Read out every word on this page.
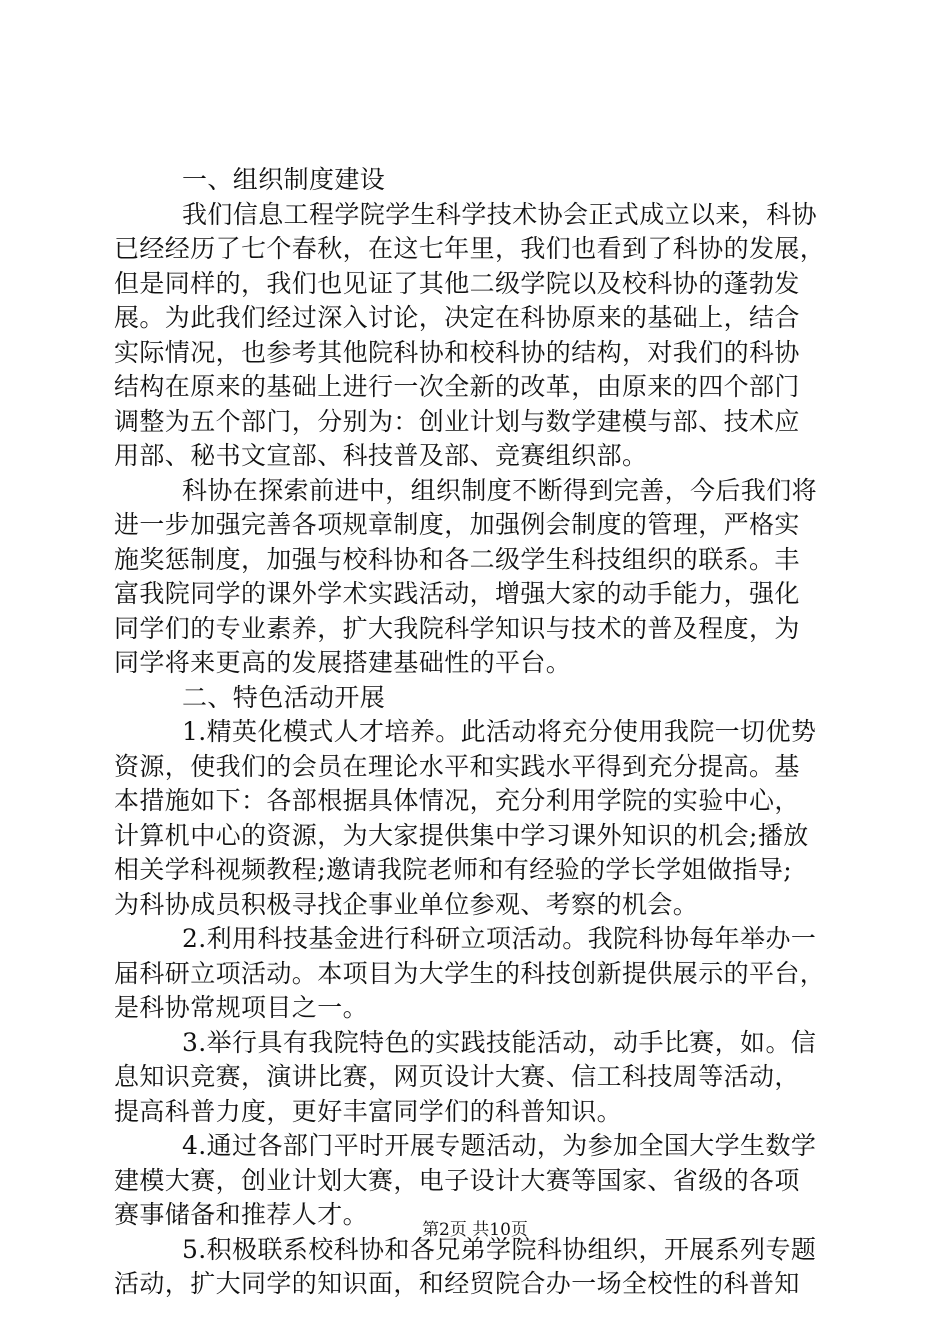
一、组织制度建设
我们信息工程学院学生科学技术协会正式成立以来，科协
已经经历了七个春秋，在这七年里，我们也看到了科协的发展，
但是同样的，我们也见证了其他二级学院以及校科协的蓬勃发
展。为此我们经过深入讨论，决定在科协原来的基础上，结合
实际情况，也参考其他院科协和校科协的结构，对我们的科协
结构在原来的基础上进行一次全新的改革，由原来的四个部门
调整为五个部门，分别为：创业计划与数学建模与部、技术应
用部、秘书文宣部、科技普及部、竞赛组织部。
科协在探索前进中，组织制度不断得到完善，今后我们将
进一步加强完善各项规章制度，加强例会制度的管理，严格实
施奖惩制度，加强与校科协和各二级学生科技组织的联系。丰
富我院同学的课外学术实践活动，增强大家的动手能力，强化
同学们的专业素养，扩大我院科学知识与技术的普及程度，为
同学将来更高的发展搭建基础性的平台。
二、特色活动开展
1.精英化模式人才培养。此活动将充分使用我院一切优势
资源，使我们的会员在理论水平和实践水平得到充分提高。基
本措施如下：各部根据具体情况，充分利用学院的实验中心，
计算机中心的资源，为大家提供集中学习课外知识的机会;播放
相关学科视频教程;邀请我院老师和有经验的学长学姐做指导;
为科协成员积极寻找企事业单位参观、考察的机会。
2.利用科技基金进行科研立项活动。我院科协每年举办一
届科研立项活动。本项目为大学生的科技创新提供展示的平台，
是科协常规项目之一。
3.举行具有我院特色的实践技能活动，动手比赛，如。信
息知识竞赛，演讲比赛，网页设计大赛、信工科技周等活动，
提高科普力度，更好丰富同学们的科普知识。
4.通过各部门平时开展专题活动，为参加全国大学生数学
建模大赛，创业计划大赛，电子设计大赛等国家、省级的各项
赛事储备和推荐人才。
5.积极联系校科协和各兄弟学院科协组织，开展系列专题
活动，扩大同学的知识面，和经贸院合办一场全校性的科普知
第2页 共10页
